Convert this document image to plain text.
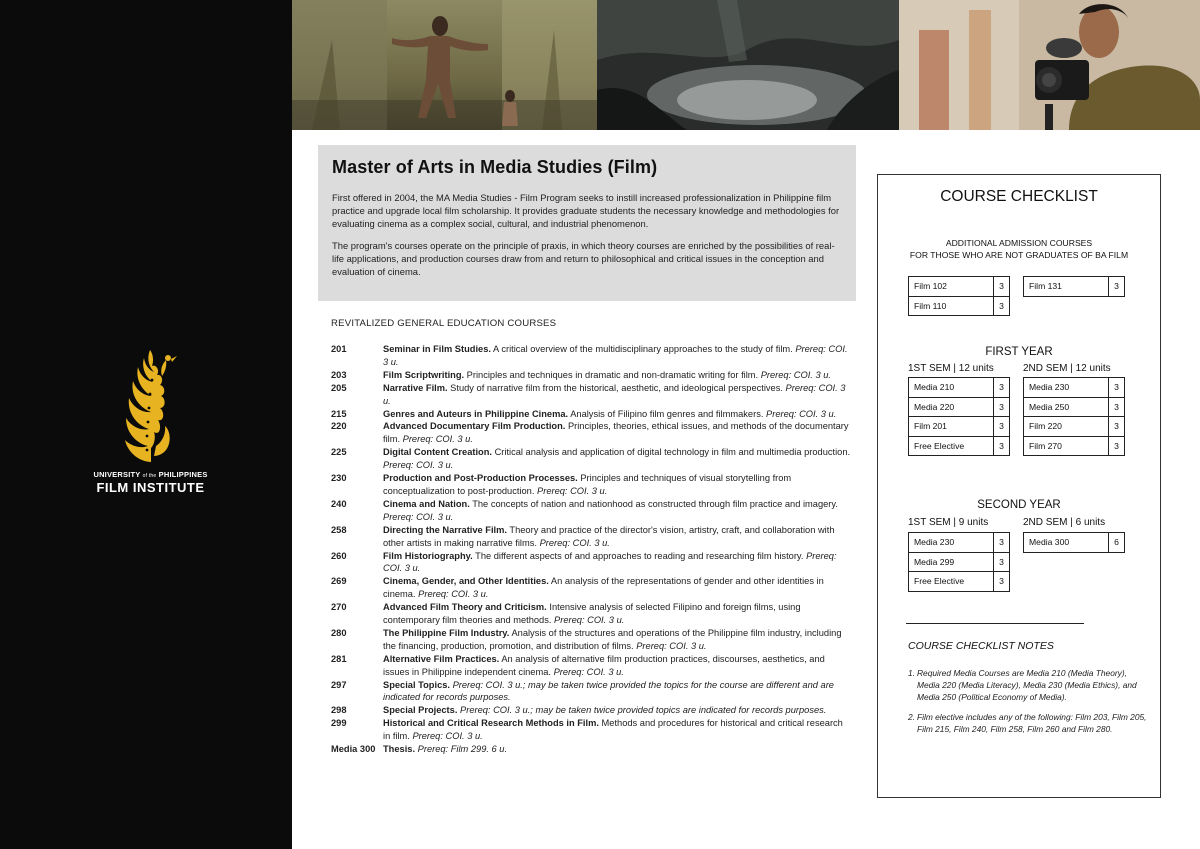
UNIVERSITY of the PHILIPPINES
FILM INSTITUTE
Master of Arts in Media Studies (Film)

First offered in 2004, the MA Media Studies - Film Program seeks to instill increased professionalization in Philippine film practice and upgrade local film scholarship. It provides graduate students the necessary knowledge and methodologies for evaluating cinema as a complex social, cultural, and industrial phenomenon.

The program's courses operate on the principle of praxis, in which theory courses are enriched by the possibilities of real-life applications, and production courses draw from and return to philosophical and critical issues in the conception and evaluation of cinema.

REVITALIZED GENERAL EDUCATION COURSES
201	Seminar in Film Studies. A critical overview of the multidisciplinary approaches to the study of film. Prereq: COI. 3 u.
203	Film Scriptwriting. Principles and techniques in dramatic and non-dramatic writing for film. Prereq: COI. 3 u.
205	Narrative Film. Study of narrative film from the historical, aesthetic, and ideological perspectives. Prereq: COI. 3 u.
215	Genres and Auteurs in Philippine Cinema. Analysis of Filipino film genres and filmmakers. Prereq: COI. 3 u.
220	Advanced Documentary Film Production. Principles, theories, ethical issues, and methods of the documentary film. Prereq: COI. 3 u.
225	Digital Content Creation. Critical analysis and application of digital technology in film and multimedia production. Prereq: COI. 3 u.
230	Production and Post-Production Processes. Principles and techniques of visual storytelling from conceptualization to post-production. Prereq: COI. 3 u.
240	Cinema and Nation. The concepts of nation and nationhood as constructed through film practice and imagery. Prereq: COI. 3 u.
258	Directing the Narrative Film. Theory and practice of the director's vision, artistry, craft, and collaboration with other artists in making narrative films. Prereq: COI. 3 u.
260	Film Historiography. The different aspects of and approaches to reading and researching film history. Prereq: COI. 3 u.
269	Cinema, Gender, and Other Identities. An analysis of the representations of gender and other identities in cinema. Prereq: COI. 3 u.
270	Advanced Film Theory and Criticism. Intensive analysis of selected Filipino and foreign films, using contemporary film theories and methods. Prereq: COI. 3 u.
280	The Philippine Film Industry. Analysis of the structures and operations of the Philippine film industry, including the financing, production, promotion, and distribution of films. Prereq: COI. 3 u.
281	Alternative Film Practices. An analysis of alternative film production practices, discourses, aesthetics, and issues in Philippine independent cinema. Prereq: COI. 3 u.
297	Special Topics. Prereq: COI. 3 u.; may be taken twice provided the topics for the course are different and are indicated for records purposes.
298	Special Projects. Prereq: COI. 3 u.; may be taken twice provided topics are indicated for records purposes.
299	Historical and Critical Research Methods in Film. Methods and procedures for historical and critical research in film. Prereq: COI. 3 u.
Media 300 Thesis. Prereq: Film 299. 6 u.
COURSE CHECKLIST
ADDITIONAL ADMISSION COURSES
FOR THOSE WHO ARE NOT GRADUATES OF BA FILM
Film 102	3
Film 110	3
Film 131	3
FIRST YEAR
1ST SEM | 12 units	2ND SEM | 12 units
Media 210	3
Media 220	3
Film 201	3
Free Elective	3
Media 230	3
Media 250	3
Film 220	3
Film 270	3
SECOND YEAR
1ST SEM | 9 units	2ND SEM | 6 units
Media 230	3
Media 299	3
Free Elective	3
Media 300	6
COURSE CHECKLIST NOTES
1. Required Media Courses are Media 210 (Media Theory), Media 220 (Media Literacy), Media 230 (Media Ethics), and Media 250 (Political Economy of Media).
2. Film elective includes any of the following: Film 203, Film 205, Film 215, Film 240, Film 258, Film 260 and Film 280.
